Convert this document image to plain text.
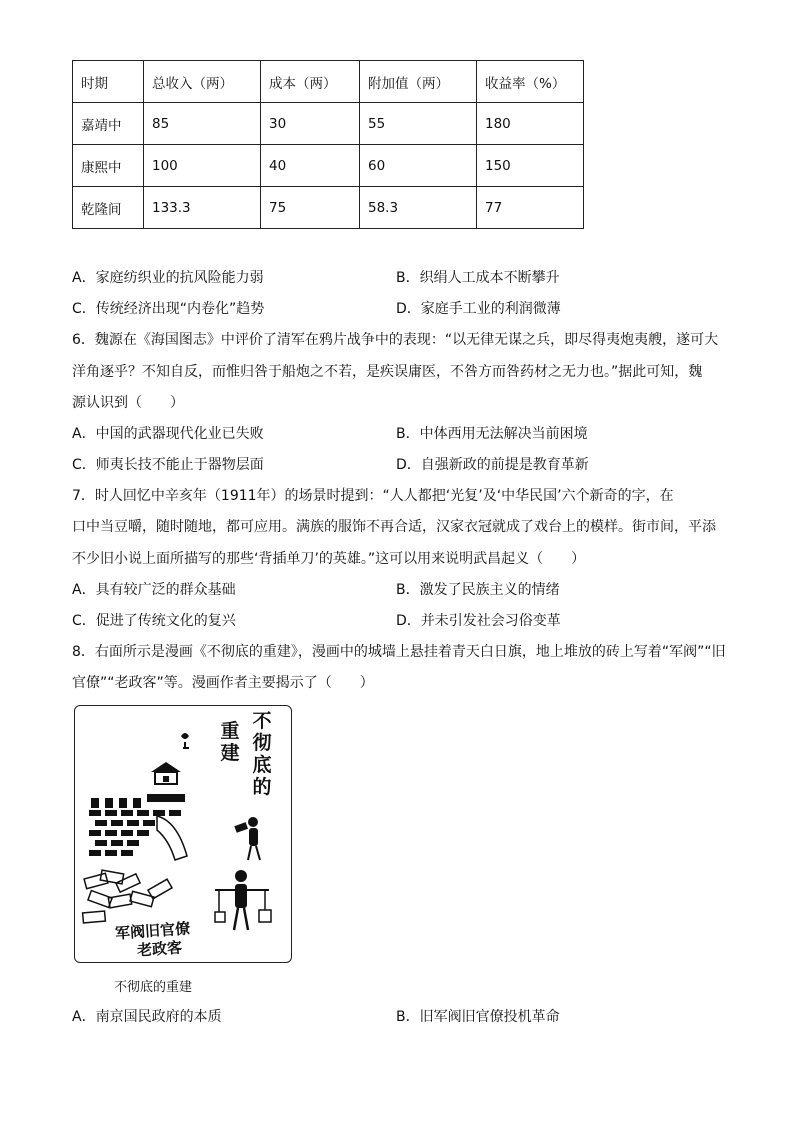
时期	总收入（两）	成本（两）	附加值（两）	收益率（%）
嘉靖中	85	30	55	180
康熙中	100	40	60	150
乾隆间	133.3	75	58.3	77
A．家庭纺织业的抗风险能力弱	B．织绢人工成本不断攀升
C．传统经济出现“内卷化”趋势	D．家庭手工业的利润微薄
6．魏源在《海国图志》中评价了清军在鸦片战争中的表现：“以无律无谋之兵，即尽得夷炮夷艘，遂可大
洋角逐乎？不知自反，而惟归咎于船炮之不若，是疾误庸医，不咎方而咎药材之无力也。”据此可知，魏
源认识到（　　）
A．中国的武器现代化业已失败	B．中体西用无法解决当前困境
C．师夷长技不能止于器物层面	D．自强新政的前提是教育革新
7．时人回忆中辛亥年（1911年）的场景时提到：“人人都把‘光复’及‘中华民国’六个新奇的字，在
口中当豆嚼，随时随地，都可应用。满族的服饰不再合适，汉家衣冠就成了戏台上的模样。街市间，平添
不少旧小说上面所描写的那些‘背插单刀’的英雄。”这可以用来说明武昌起义（　　）
A．具有较广泛的群众基础	B．激发了民族主义的情绪
C．促进了传统文化的复兴	D．并未引发社会习俗变革
8．右面所示是漫画《不彻底的重建》，漫画中的城墙上悬挂着青天白日旗，地上堆放的砖上写着“军阀”“旧
官僚”“老政客”等。漫画作者主要揭示了（　　）
不
彻
底
的
重
建
军阀旧官僚
老政客
不彻底的重建
A．南京国民政府的本质	B．旧军阀旧官僚投机革命
